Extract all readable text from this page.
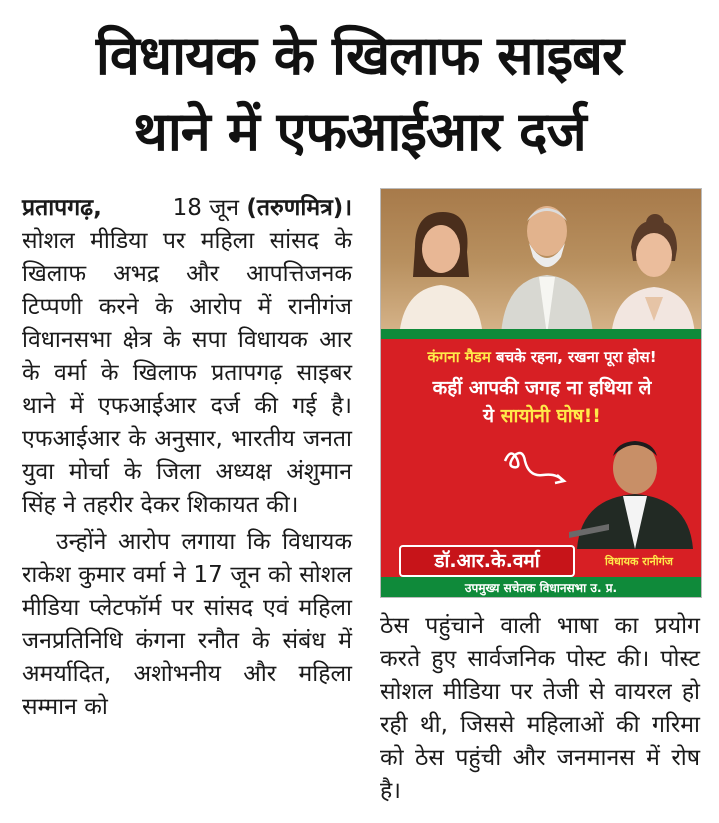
विधायक के खिलाफ साइबर
थाने में एफआईआर दर्ज

प्रतापगढ़,	18 जून (तरुणमित्र)। सोशल मीडिया पर महिला सांसद के खिलाफ अभद्र और आपत्तिजनक टिप्पणी करने के आरोप में रानीगंज विधानसभा क्षेत्र के सपा विधायक आर के वर्मा के खिलाफ प्रतापगढ़ साइबर थाने में एफआईआर दर्ज की गई है। एफआईआर के अनुसार, भारतीय जनता युवा मोर्चा के जिला अध्यक्ष अंशुमान सिंह ने तहरीर देकर शिकायत की।

उन्होंने आरोप लगाया कि विधायक राकेश कुमार वर्मा ने 17 जून को सोशल मीडिया प्लेटफॉर्म पर सांसद एवं महिला जनप्रतिनिधि कंगना रनौत के संबंध में अमर्यादित, अशोभनीय और महिला सम्मान को

ठेस पहुंचाने वाली भाषा का प्रयोग करते हुए सार्वजनिक पोस्ट की। पोस्ट सोशल मीडिया पर तेजी से वायरल हो रही थी, जिससे महिलाओं की गरिमा को ठेस पहुंची और जनमानस में रोष है।

कंगना मैडम बचके रहना, रखना पूरा होस!
कहीं आपकी जगह ना हथिया ले
ये सायोनी घोष!!
डॉ.आर.के.वर्मा	विधायक रानीगंज
उपमुख्य सचेतक विधानसभा उ. प्र.
